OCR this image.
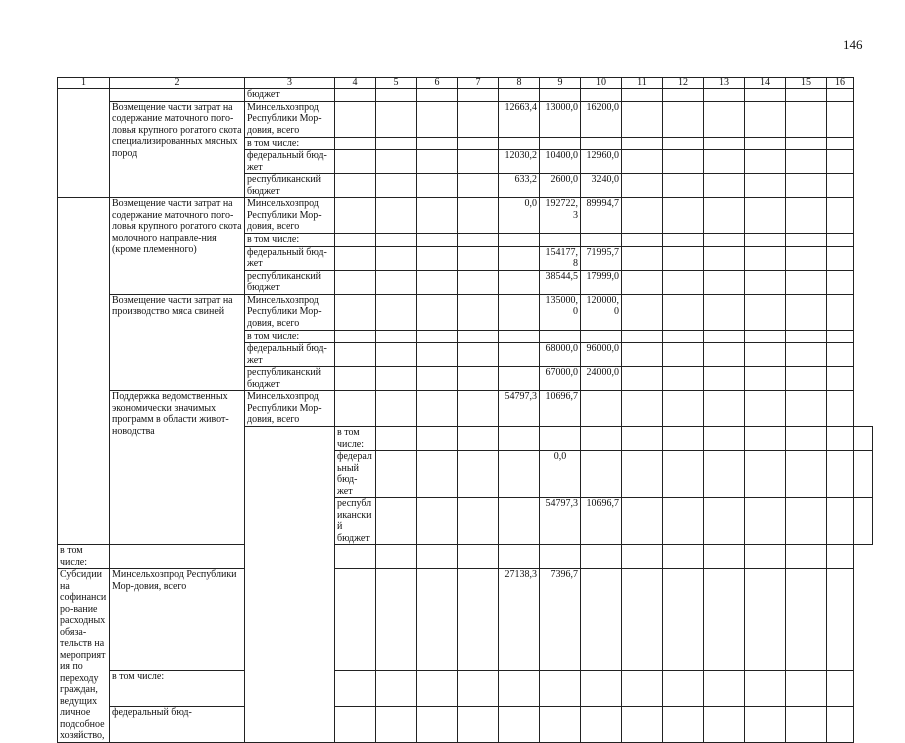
146
1	2	3	4	5	6	7	8	9	10	11	12	13	14	15	16	
		бюджет														
	Возмещение части затрат на содержание маточного пого-ловья крупного рогатого скота специализированных мясных пород	Минсельхозпрод Республики Мор-довия, всего					12663,4	13000,0	16200,0							
		в том числе:														
		федеральный бюд-жет					12030,2	10400,0	12960,0							
		республиканский бюджет					633,2	2600,0	3240,0							
	Возмещение части затрат на содержание маточного пого-ловья крупного рогатого скота молочного направле-ния (кроме племенного)	Минсельхозпрод Республики Мор-довия, всего					0,0	192722,3	89994,7							
		в том числе:														
		федеральный бюд-жет						154177,8	71995,7							
		республиканский бюджет						38544,5	17999,0							
	Возмещение части затрат на производство мяса свиней	Минсельхозпрод Республики Мор-довия, всего						135000,0	120000,0							
		в том числе:														
		федеральный бюд-жет						68000,0	96000,0							
		республиканский бюджет						67000,0	24000,0							
	Поддержка ведомственных экономически значимых программ в области живот-новодства	Минсельхозпрод Республики Мор-довия, всего					54797,3	10696,7								
			в том числе:													
			федеральный бюд-жет					0,0								
			республиканский бюджет					54797,3	10696,7							
в том числе:																
Субсидии на софинансиро-вание расходных обяза-тельств на мероприятия по переходу граждан, ведущих личное подсобное хозяйство,	Минсельхозпрод Республики Мор-довия, всего						27138,3	7396,7								
	в том числе:															
	федеральный бюд-															
